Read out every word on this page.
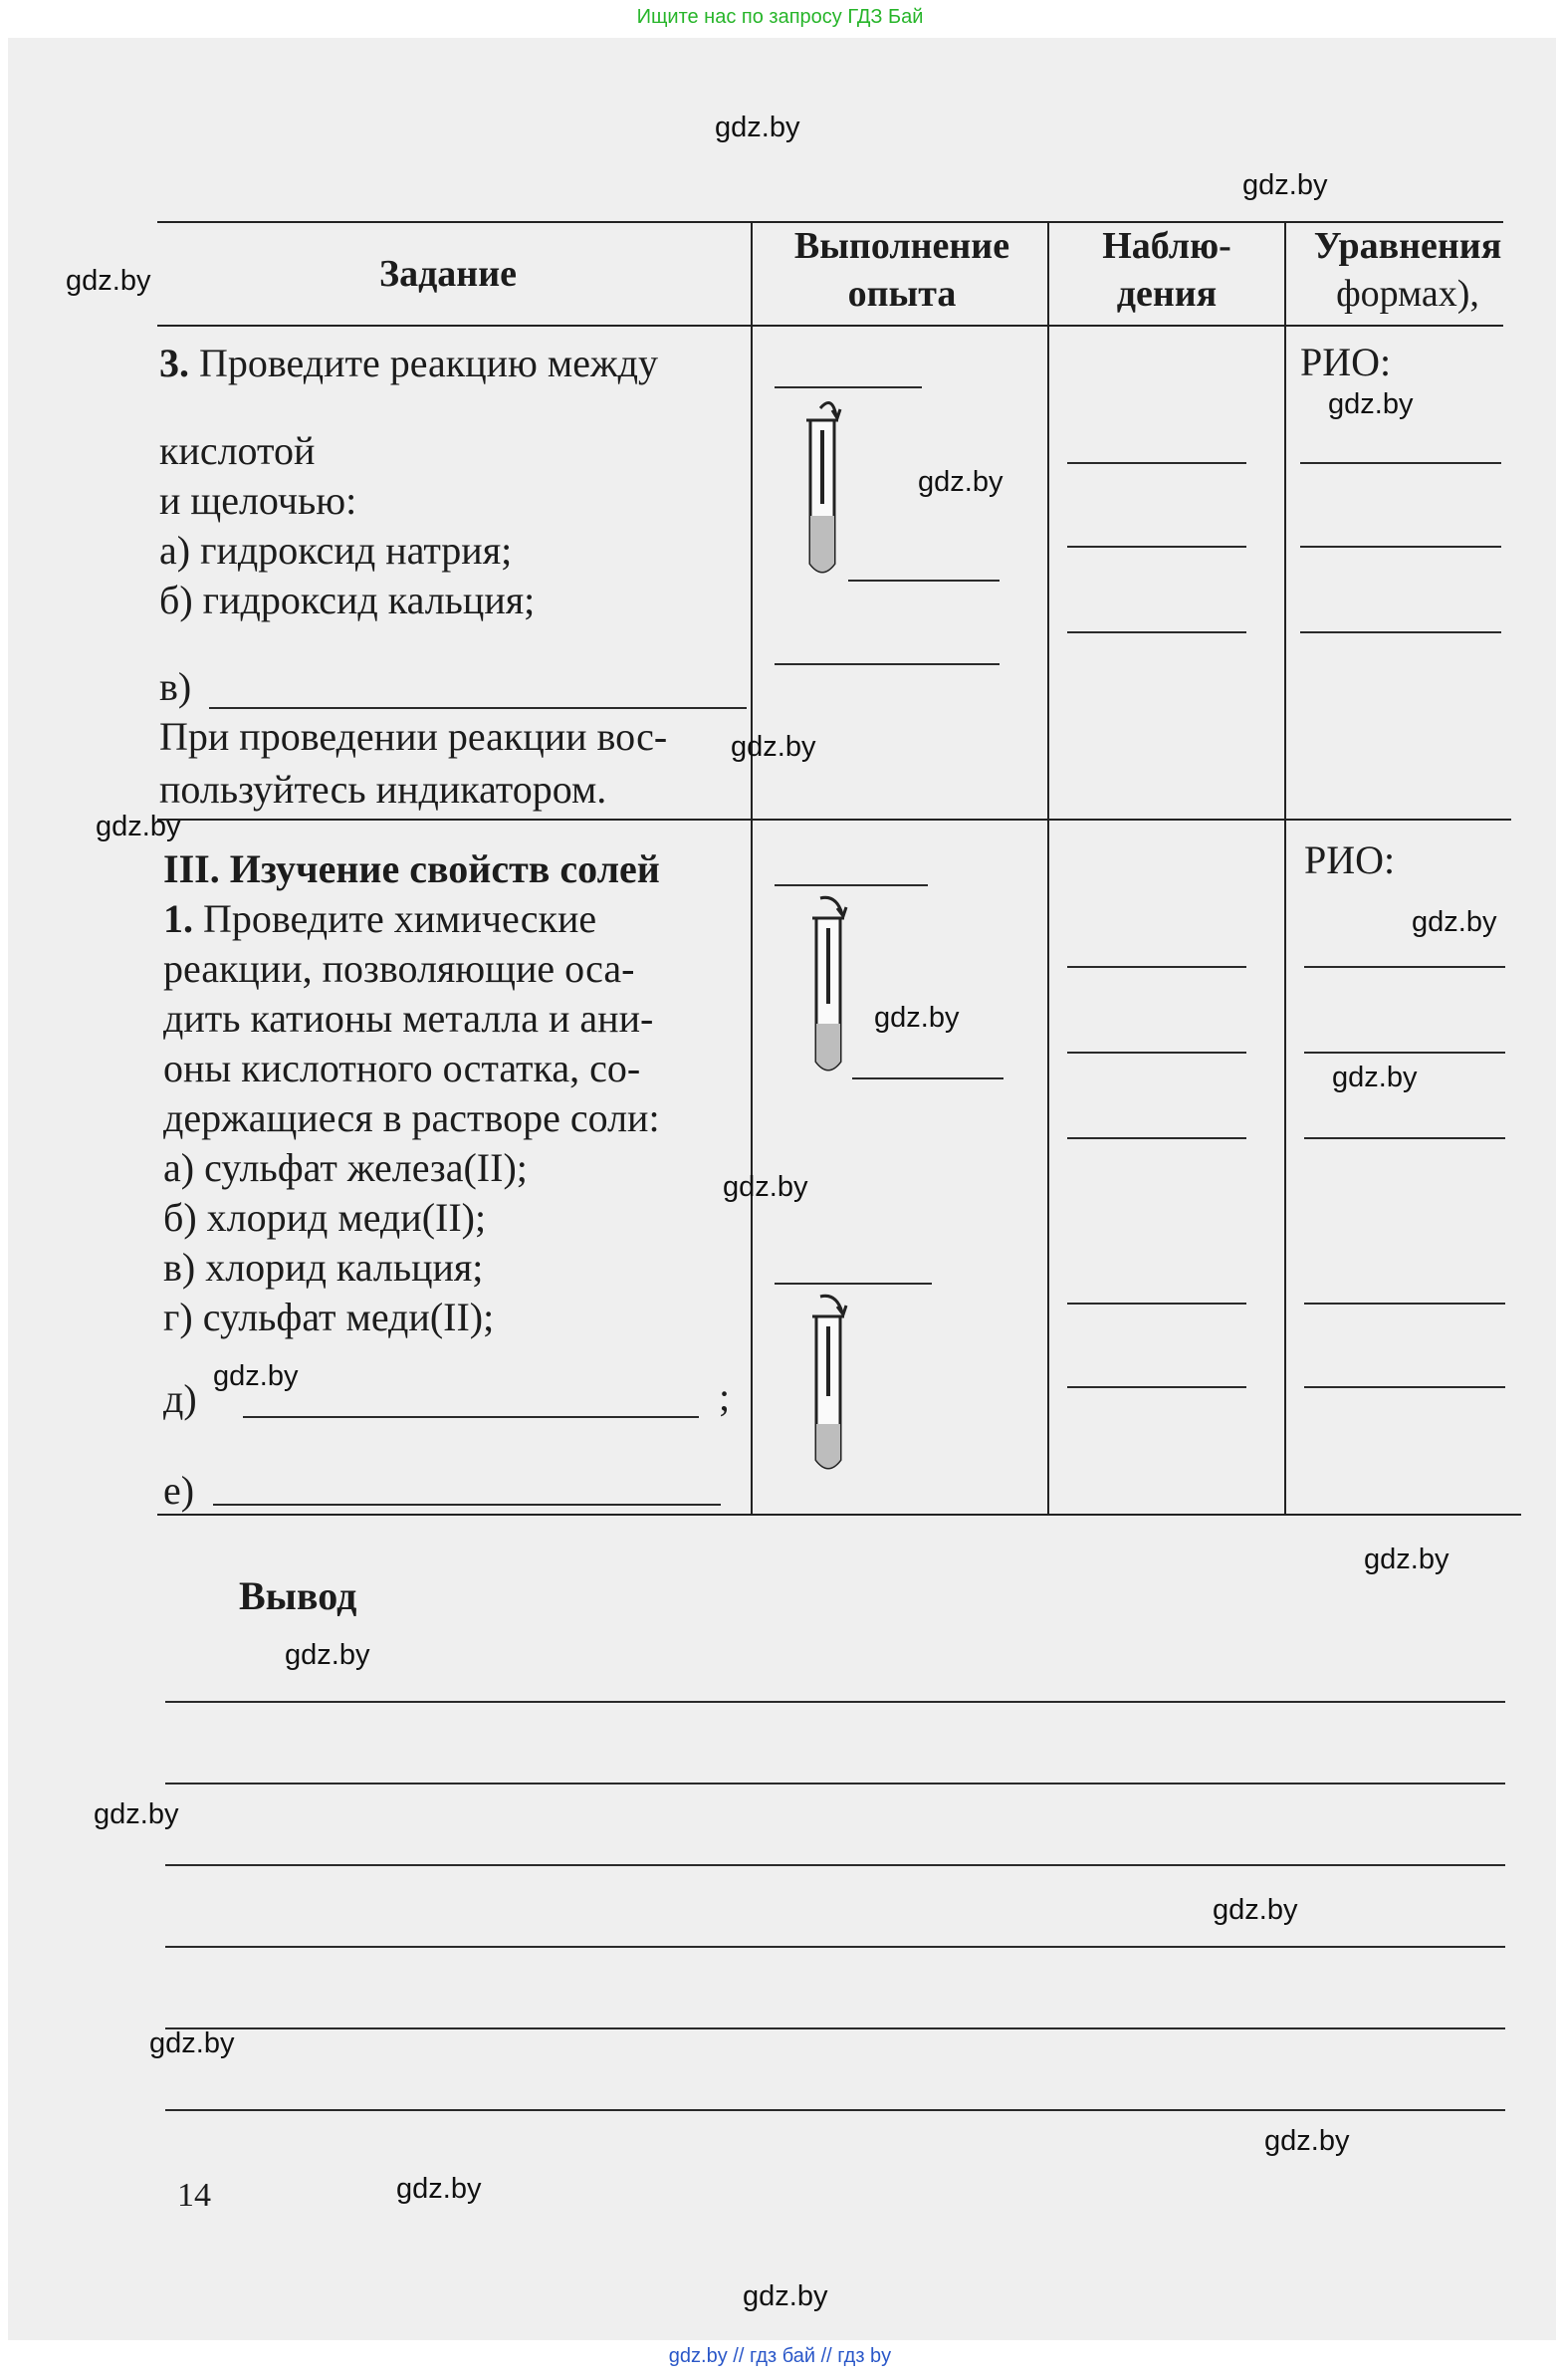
Ищите нас по запросу ГДЗ Бай
Задание
Выполнение
опыта
Наблю-
дения
Уравнения
формах),
3. Проведите реакцию между
кислотой
и щелочью:
а) гидроксид натрия;
б) гидроксид кальция;
в)
При проведении реакции вос-
пользуйтесь индикатором.
III. Изучение свойств солей
1. Проведите химические
реакции, позволяющие оса-
дить катионы металла и ани-
оны кислотного остатка, со-
держащиеся в растворе соли:
а) сульфат железа(II);
б) хлорид меди(II);
в) хлорид кальция;
г) сульфат меди(II);
д)	;
е)
РИО:
РИО:
Вывод
14
gdz.by
gdz.by
gdz.by
gdz.by
gdz.by
gdz.by
gdz.by
gdz.by
gdz.by
gdz.by
gdz.by
gdz.by
gdz.by
gdz.by
gdz.by
gdz.by
gdz.by
gdz.by
gdz.by
gdz.by
gdz.by // гдз бай // гдз by
